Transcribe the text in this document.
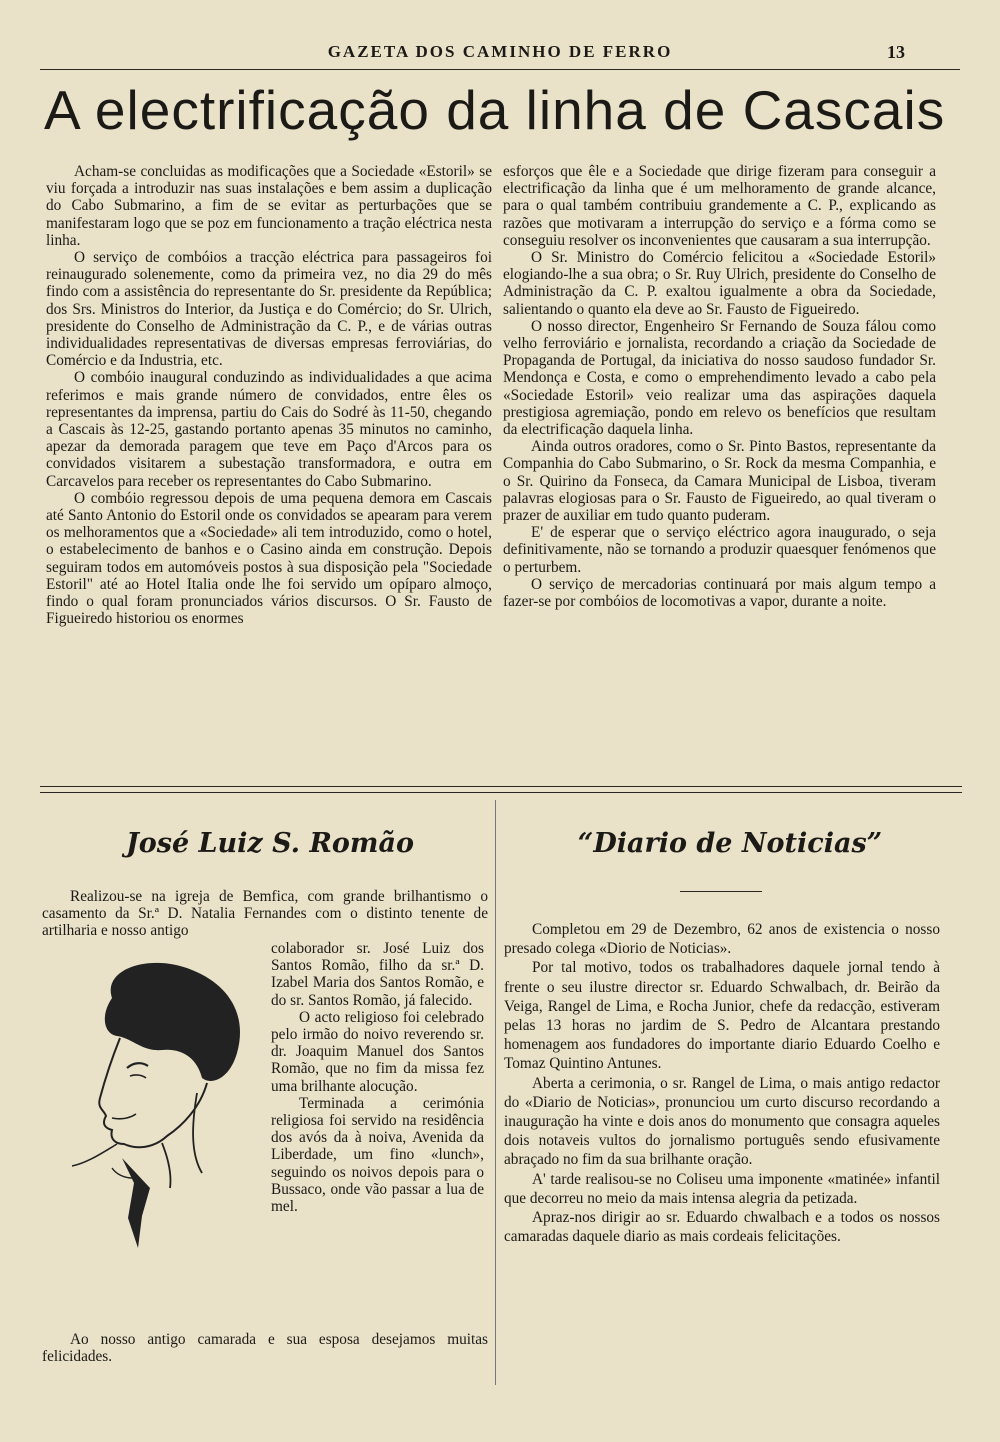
GAZETA DOS CAMINHO DE FERRO	13
A electrificação da linha de Cascais

Acham-se concluidas as modificações que a Sociedade «Estoril» se viu forçada a introduzir nas suas instalações e bem assim a duplicação do Cabo Submarino, a fim de se evitar as perturbações que se manifestaram logo que se poz em funcionamento a tração eléctrica nesta linha.

O serviço de combóios a tracção eléctrica para passageiros foi reinaugurado solenemente, como da primeira vez, no dia 29 do mês findo com a assistência do representante do Sr. presidente da República; dos Srs. Ministros do Interior, da Justiça e do Comércio; do Sr. Ulrich, presidente do Conselho de Administração da C. P., e de várias outras individualidades representativas de diversas empresas ferroviárias, do Comércio e da Industria, etc.

O combóio inaugural conduzindo as individualidades a que acima referimos e mais grande número de convidados, entre êles os representantes da imprensa, partiu do Cais do Sodré às 11-50, chegando a Cascais às 12-25, gastando portanto apenas 35 minutos no caminho, apezar da demorada paragem que teve em Paço d'Arcos para os convidados visitarem a subestação transformadora, e outra em Carcavelos para receber os representantes do Cabo Submarino.

O combóio regressou depois de uma pequena demora em Cascais até Santo Antonio do Estoril onde os convidados se apearam para verem os melhoramentos que a «Sociedade» ali tem introduzido, como o hotel, o estabelecimento de banhos e o Casino ainda em construção. Depois seguiram todos em automóveis postos à sua disposição pela "Sociedade Estoril" até ao Hotel Italia onde lhe foi servido um opíparo almoço, findo o qual foram pronunciados vários discursos. O Sr. Fausto de Figueiredo historiou os enormes

esforços que êle e a Sociedade que dirige fizeram para conseguir a electrificação da linha que é um melhoramento de grande alcance, para o qual também contribuiu grandemente a C. P., explicando as razões que motivaram a interrupção do serviço e a fórma como se conseguiu resolver os inconvenientes que causaram a sua interrupção.

O Sr. Ministro do Comércio felicitou a «Sociedade Estoril» elogiando-lhe a sua obra; o Sr. Ruy Ulrich, presidente do Conselho de Administração da C. P. exaltou igualmente a obra da Sociedade, salientando o quanto ela deve ao Sr. Fausto de Figueiredo.

O nosso director, Engenheiro Sr Fernando de Souza fálou como velho ferroviário e jornalista, recordando a criação da Sociedade de Propaganda de Portugal, da iniciativa do nosso saudoso fundador Sr. Mendonça e Costa, e como o emprehendimento levado a cabo pela «Sociedade Estoril» veio realizar uma das aspirações daquela prestigiosa agremiação, pondo em relevo os benefícios que resultam da electrificação daquela linha.

Ainda outros oradores, como o Sr. Pinto Bastos, representante da Companhia do Cabo Submarino, o Sr. Rock da mesma Companhia, e o Sr. Quirino da Fonseca, da Camara Municipal de Lisboa, tiveram palavras elogiosas para o Sr. Fausto de Figueiredo, ao qual tiveram o prazer de auxiliar em tudo quanto puderam.

E' de esperar que o serviço eléctrico agora inaugurado, o seja definitivamente, não se tornando a produzir quaesquer fenómenos que o perturbem.

O serviço de mercadorias continuará por mais algum tempo a fazer-se por combóios de locomotivas a vapor, durante a noite.

José Luiz S. Romão	“Diario de Noticias”

Realizou-se na igreja de Bemfica, com grande brilhantismo o casamento da Sr.ª D. Natalia Fernandes com o distinto tenente de artilharia e nosso antigo

colaborador sr. José Luiz dos Santos Romão, filho da sr.ª D. Izabel Maria dos Santos Romão, e do sr. Santos Romão, já falecido.

O acto religioso foi celebrado pelo irmão do noivo reverendo sr. dr. Joaquim Manuel dos Santos Romão, que no fim da missa fez uma brilhante alocução.

Terminada a cerimónia religiosa foi servido na residência dos avós da à noiva, Avenida da Liberdade, um fino «lunch», seguindo os noivos depois para o Bussaco, onde vão passar a lua de mel.

Ao nosso antigo camarada e sua esposa desejamos muitas felicidades.

Completou em 29 de Dezembro, 62 anos de existencia o nosso presado colega «Diorio de Noticias».

Por tal motivo, todos os trabalhadores daquele jornal tendo à frente o seu ilustre director sr. Eduardo Schwalbach, dr. Beirão da Veiga, Rangel de Lima, e Rocha Junior, chefe da redacção, estiveram pelas 13 horas no jardim de S. Pedro de Alcantara prestando homenagem aos fundadores do importante diario Eduardo Coelho e Tomaz Quintino Antunes.

Aberta a cerimonia, o sr. Rangel de Lima, o mais antigo redactor do «Diario de Noticias», pronunciou um curto discurso recordando a inauguração ha vinte e dois anos do monumento que consagra aqueles dois notaveis vultos do jornalismo português sendo efusivamente abraçado no fim da sua brilhante oração.

A' tarde realisou-se no Coliseu uma imponente «matinée» infantil que decorreu no meio da mais intensa alegria da petizada.

Apraz-nos dirigir ao sr. Eduardo chwalbach e a todos os nossos camaradas daquele diario as mais cordeais felicitações.
